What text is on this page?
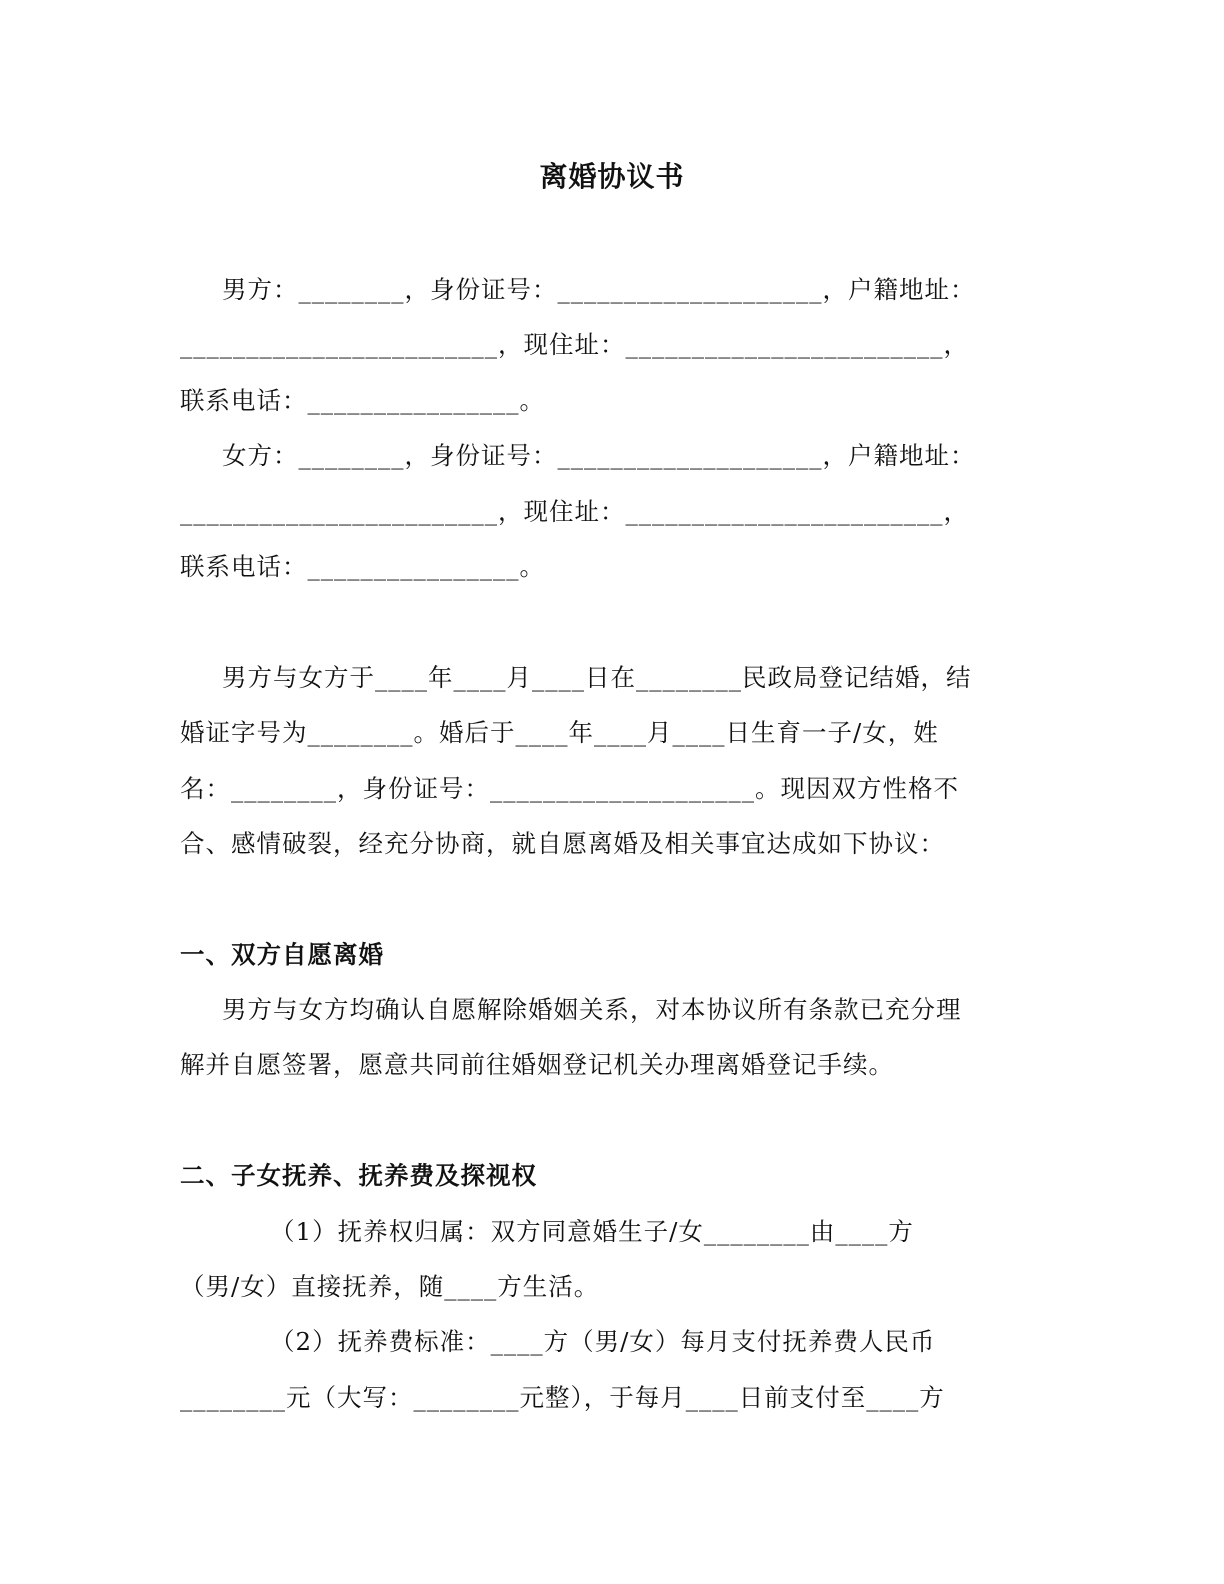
离婚协议书
男方：________，身份证号：____________________，户籍地址：
________________________，现住址：________________________，
联系电话：________________。
女方：________，身份证号：____________________，户籍地址：
________________________，现住址：________________________，
联系电话：________________。
男方与女方于____年____月____日在________民政局登记结婚，结
婚证字号为________。婚后于____年____月____日生育一子/女，姓
名：________，身份证号：____________________。现因双方性格不
合、感情破裂，经充分协商，就自愿离婚及相关事宜达成如下协议：
一、双方自愿离婚
男方与女方均确认自愿解除婚姻关系，对本协议所有条款已充分理
解并自愿签署，愿意共同前往婚姻登记机关办理离婚登记手续。
二、子女抚养、抚养费及探视权
（1）抚养权归属：双方同意婚生子/女________由____方
（男/女）直接抚养，随____方生活。
（2）抚养费标准：____方（男/女）每月支付抚养费人民币
________元（大写：________元整），于每月____日前支付至____方
